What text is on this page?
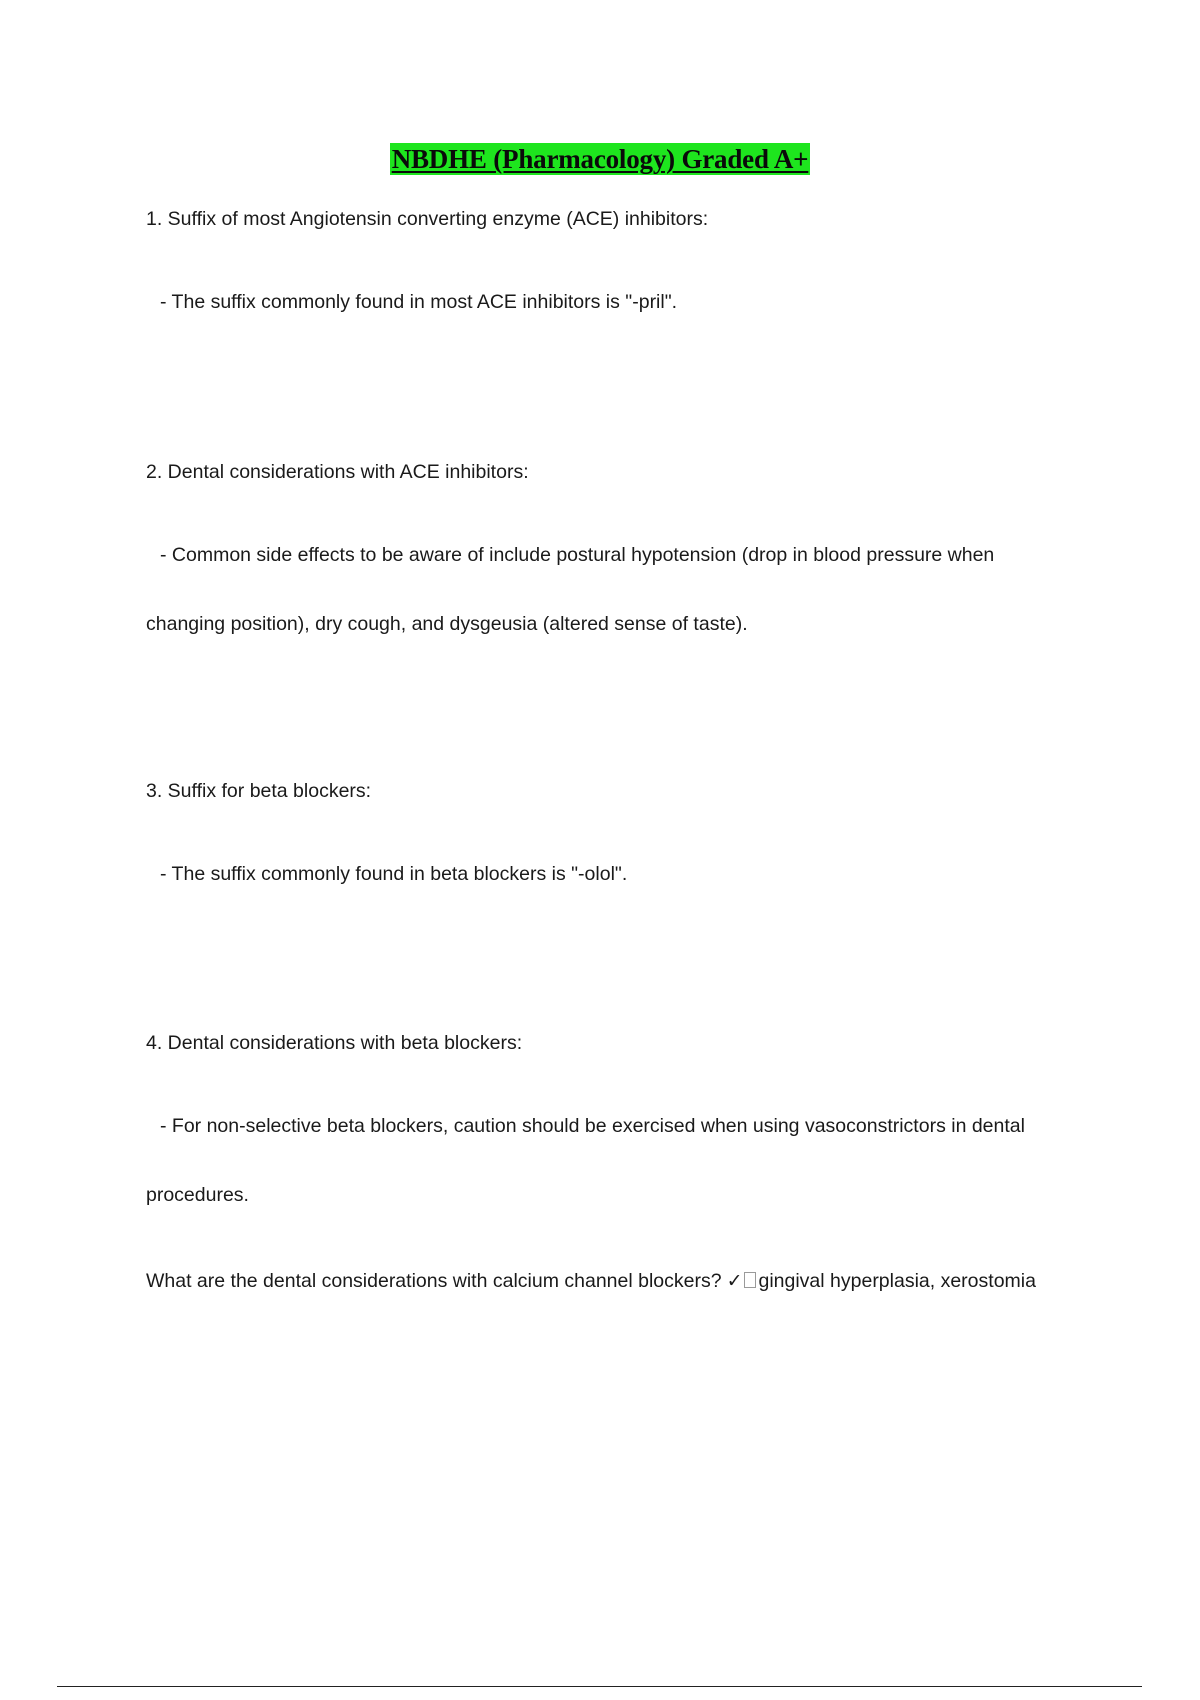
NBDHE (Pharmacology) Graded A+
1. Suffix of most Angiotensin converting enzyme (ACE) inhibitors:
- The suffix commonly found in most ACE inhibitors is "-pril".
2. Dental considerations with ACE inhibitors:
- Common side effects to be aware of include postural hypotension (drop in blood pressure when
changing position), dry cough, and dysgeusia (altered sense of taste).
3. Suffix for beta blockers:
- The suffix commonly found in beta blockers is "-olol".
4. Dental considerations with beta blockers:
- For non-selective beta blockers, caution should be exercised when using vasoconstrictors in dental
procedures.
What are the dental considerations with calcium channel blockers? ✓ gingival hyperplasia, xerostomia
